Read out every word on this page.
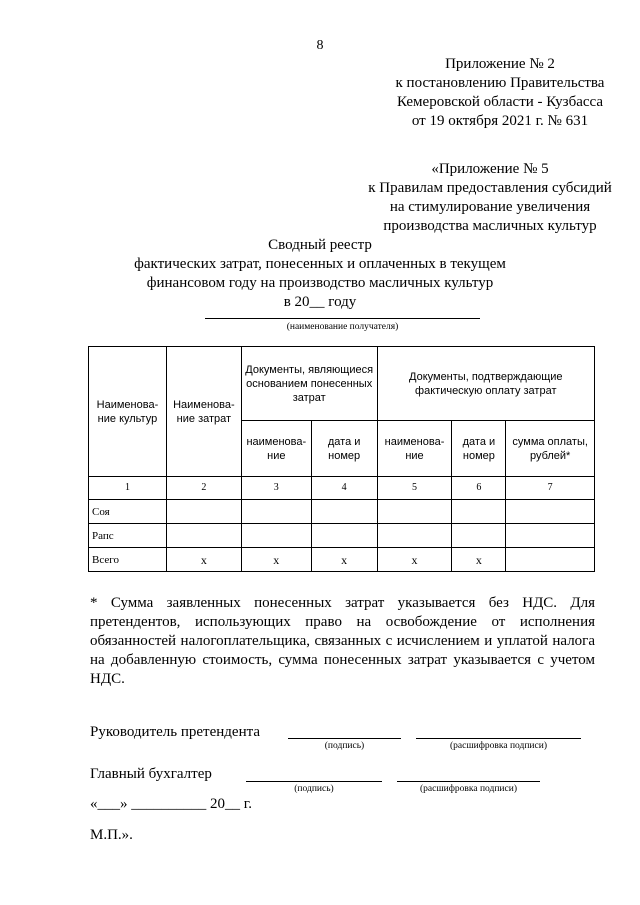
8
Приложение № 2
к постановлению Правительства
Кемеровской области - Кузбасса
от 19 октября 2021 г. № 631
«Приложение № 5
к Правилам предоставления субсидий
на стимулирование увеличения
производства масличных культур
Сводный реестр
фактических затрат, понесенных и оплаченных в текущем
финансовом году на производство масличных культур
в 20__ году
(наименование получателя)
Наименова-ние культур	Наименова-ние затрат	Документы, являющиеся основанием понесенных затрат		Документы, подтверждающие фактическую оплату затрат		
		наименова-ние	дата и номер	наименова-ние	дата и номер	сумма оплаты, рублей*
1	2	3	4	5	6	7
Соя						
Рапс						
Всего	x	x	x	x	x	
* Сумма заявленных понесенных затрат указывается без НДС. Для претендентов, использующих право на освобождение от исполнения обязанностей налогоплательщика, связанных с исчислением и уплатой налога на добавленную стоимость, сумма понесенных затрат указывается с учетом НДС.
Руководитель претендента
(подпись)	(расшифровка подписи)
Главный бухгалтер
(подпись)	(расшифровка подписи)
«___» __________ 20__ г.
М.П.».
